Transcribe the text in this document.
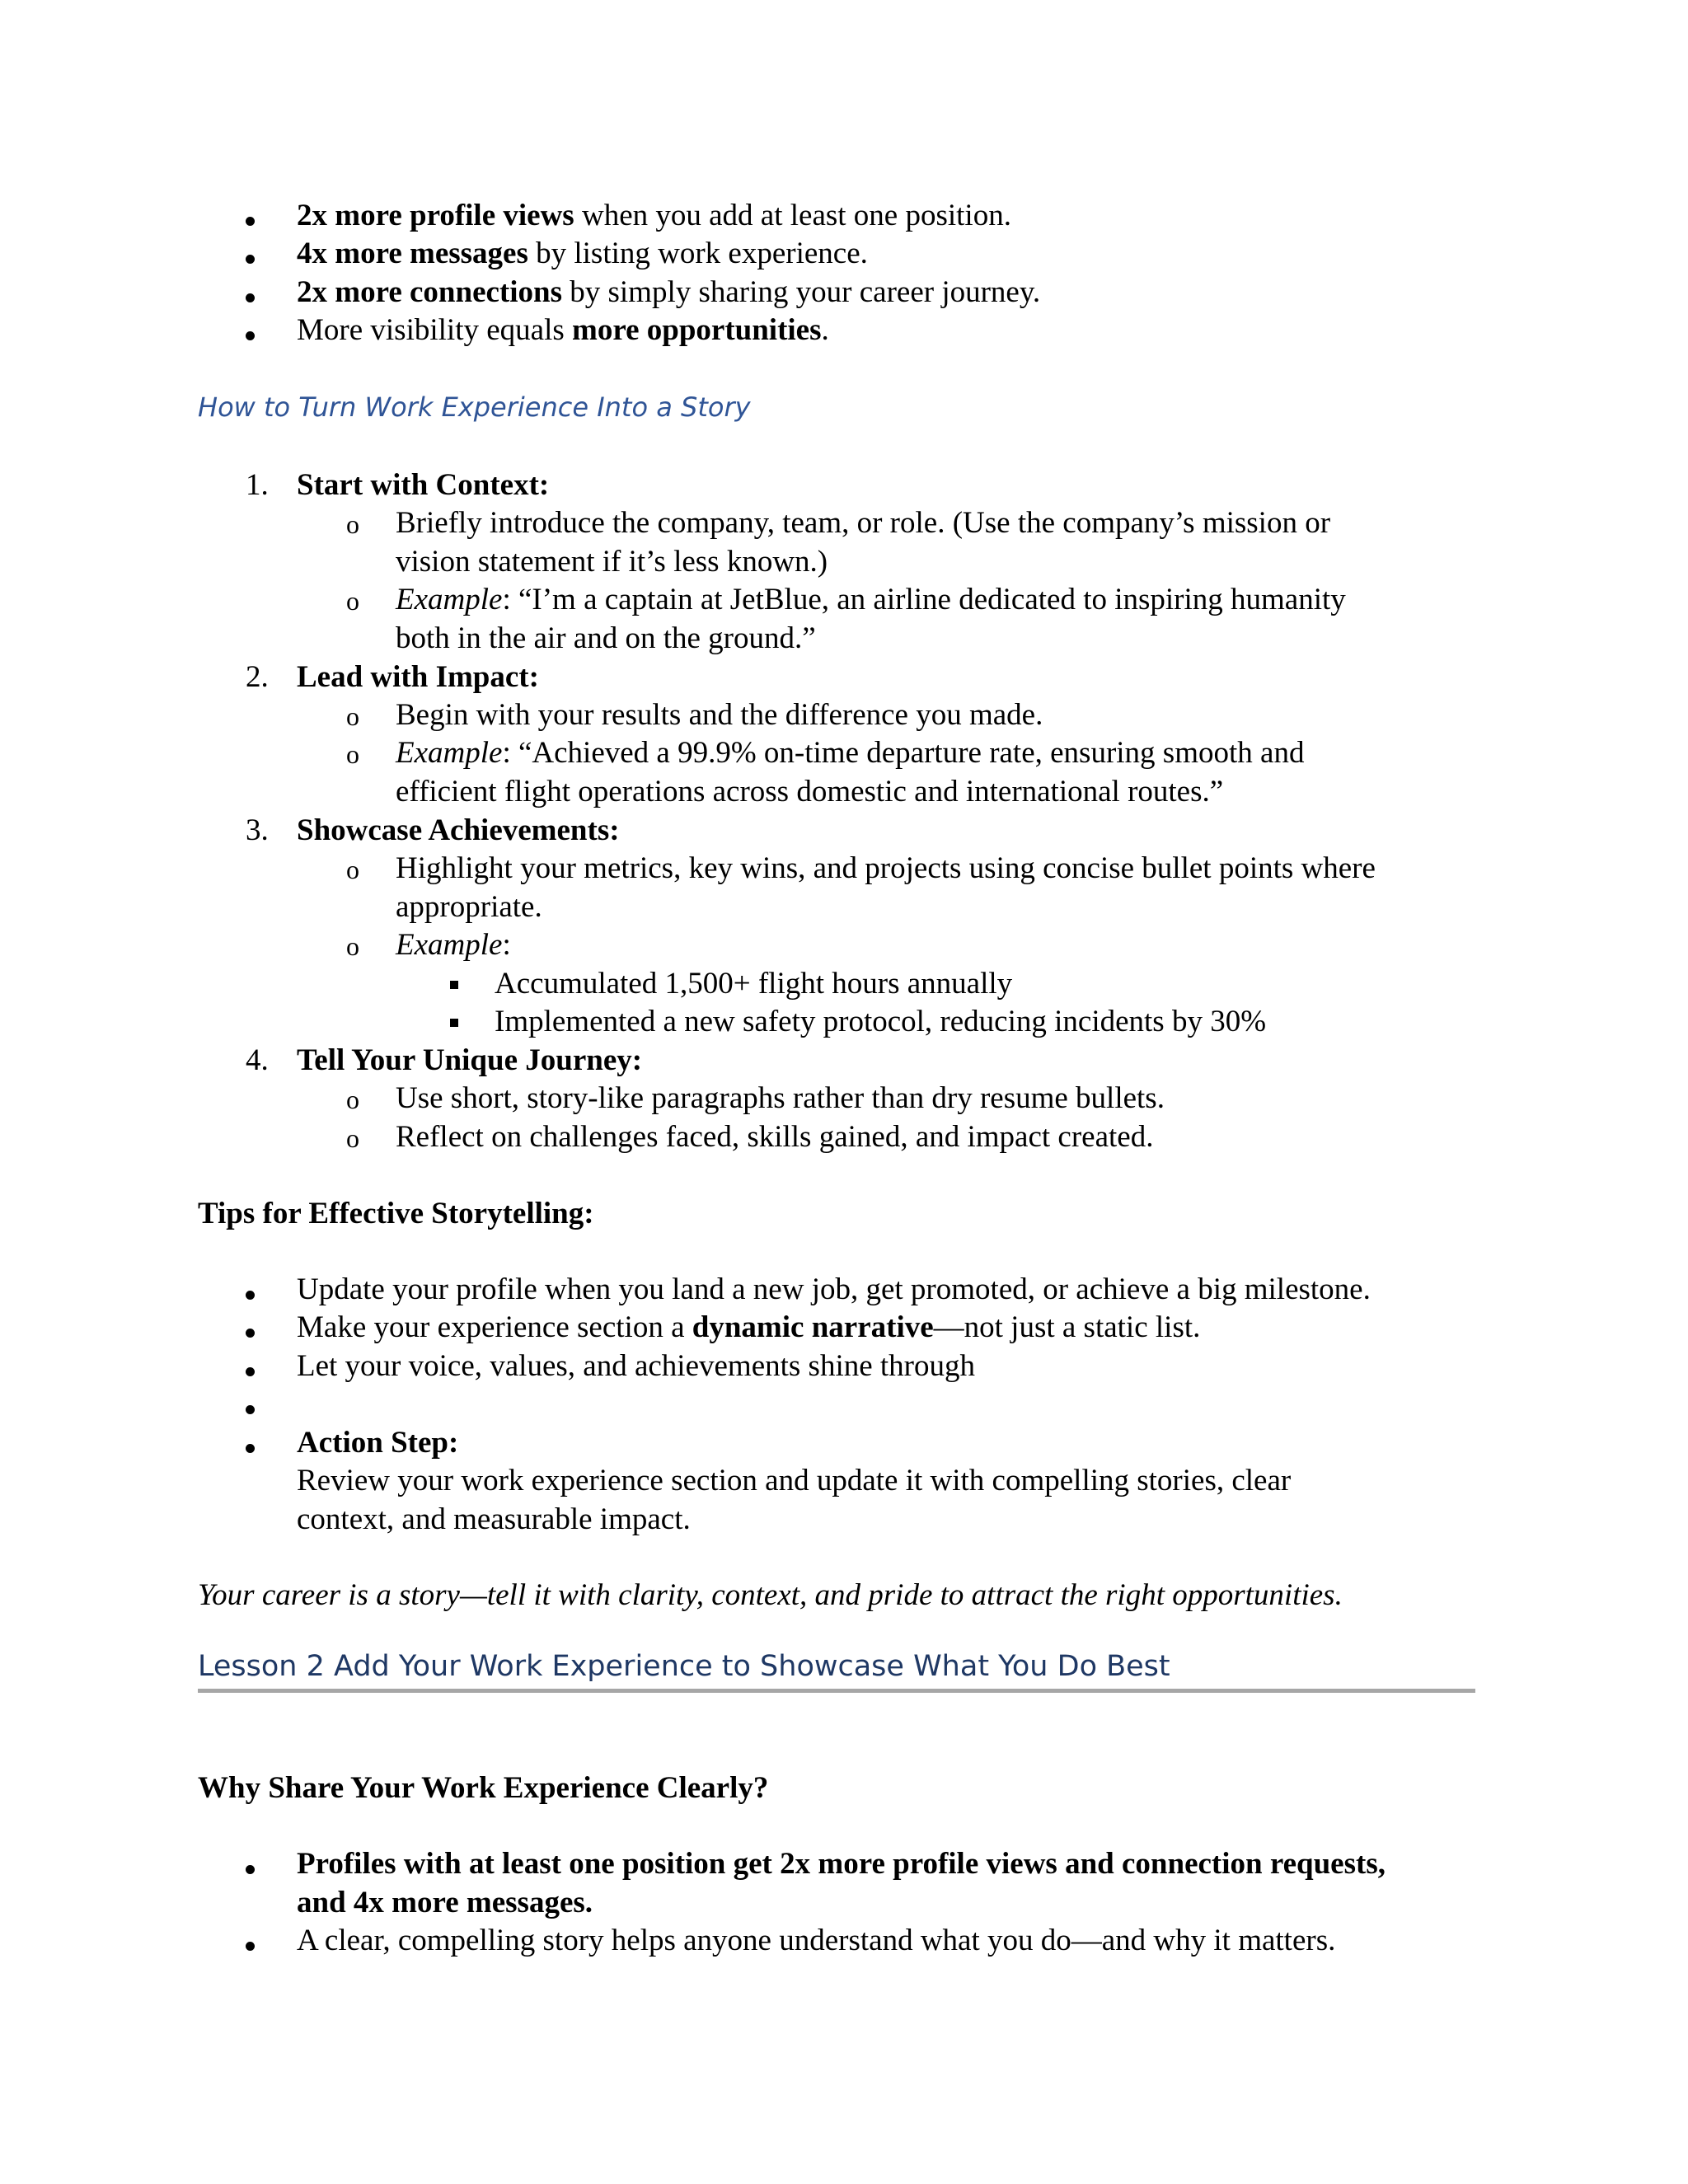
2x more profile views when you add at least one position.
4x more messages by listing work experience.
2x more connections by simply sharing your career journey.
More visibility equals more opportunities.
How to Turn Work Experience Into a Story
1. Start with Context:
o Briefly introduce the company, team, or role. (Use the company’s mission or
vision statement if it’s less known.)
o Example: “I’m a captain at JetBlue, an airline dedicated to inspiring humanity
both in the air and on the ground.”
2. Lead with Impact:
o Begin with your results and the difference you made.
o Example: “Achieved a 99.9% on-time departure rate, ensuring smooth and
efficient flight operations across domestic and international routes.”
3. Showcase Achievements:
o Highlight your metrics, key wins, and projects using concise bullet points where
appropriate.
o Example:
Accumulated 1,500+ flight hours annually
Implemented a new safety protocol, reducing incidents by 30%
4. Tell Your Unique Journey:
o Use short, story-like paragraphs rather than dry resume bullets.
o Reflect on challenges faced, skills gained, and impact created.
Tips for Effective Storytelling:
Update your profile when you land a new job, get promoted, or achieve a big milestone.
Make your experience section a dynamic narrative—not just a static list.
Let your voice, values, and achievements shine through
Action Step:
Review your work experience section and update it with compelling stories, clear
context, and measurable impact.
Your career is a story—tell it with clarity, context, and pride to attract the right opportunities.
Lesson 2 Add Your Work Experience to Showcase What You Do Best
Why Share Your Work Experience Clearly?
Profiles with at least one position get 2x more profile views and connection requests,
and 4x more messages.
A clear, compelling story helps anyone understand what you do—and why it matters.
